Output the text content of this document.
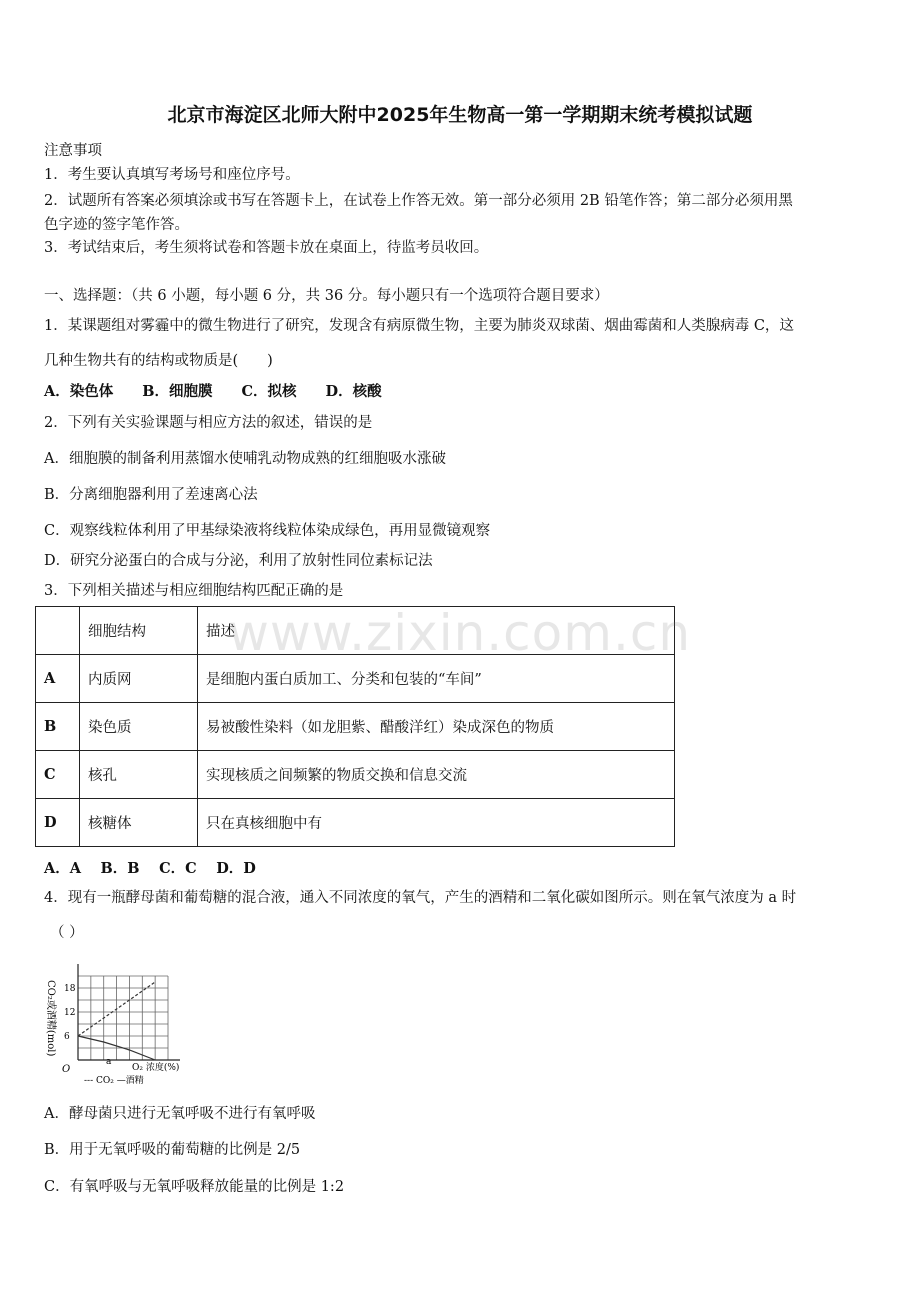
北京市海淀区北师大附中2025年生物高一第一学期期末统考模拟试题
注意事项
1．考生要认真填写考场号和座位序号。
2．试题所有答案必须填涂或书写在答题卡上，在试卷上作答无效。第一部分必须用 2B 铅笔作答；第二部分必须用黑
色字迹的签字笔作答。
3．考试结束后，考生须将试卷和答题卡放在桌面上，待监考员收回。
一、选择题：（共 6 小题，每小题 6 分，共 36 分。每小题只有一个选项符合题目要求）
1．某课题组对雾霾中的微生物进行了研究，发现含有病原微生物，主要为肺炎双球菌、烟曲霉菌和人类腺病毒 C，这
几种生物共有的结构或物质是(　　)
A．染色体　　B．细胞膜　　C．拟核　　D．核酸
2．下列有关实验课题与相应方法的叙述，错误的是
A．细胞膜的制备利用蒸馏水使哺乳动物成熟的红细胞吸水涨破
B．分离细胞器利用了差速离心法
C．观察线粒体利用了甲基绿染液将线粒体染成绿色，再用显微镜观察
D．研究分泌蛋白的合成与分泌，利用了放射性同位素标记法
3．下列相关描述与相应细胞结构匹配正确的是
	细胞结构	描述
A	内质网	是细胞内蛋白质加工、分类和包装的“车间”
B	染色质	易被酸性染料（如龙胆紫、醋酸洋红）染成深色的物质
C	核孔	实现核质之间频繁的物质交换和信息交流
D	核糖体	只在真核细胞中有
www.zixin.com.cn
A．A　 B．B　 C．C　 D．D
4．现有一瓶酵母菌和葡萄糖的混合液，通入不同浓度的氧气，产生的酒精和二氧化碳如图所示。则在氧气浓度为 a 时
（ ）
6
12
18
CO₂或酒精(mol)
O
a
O₂ 浓度(%)
--- CO₂ —酒精
A．酵母菌只进行无氧呼吸不进行有氧呼吸
B．用于无氧呼吸的葡萄糖的比例是 2/5
C．有氧呼吸与无氧呼吸释放能量的比例是 1:2
